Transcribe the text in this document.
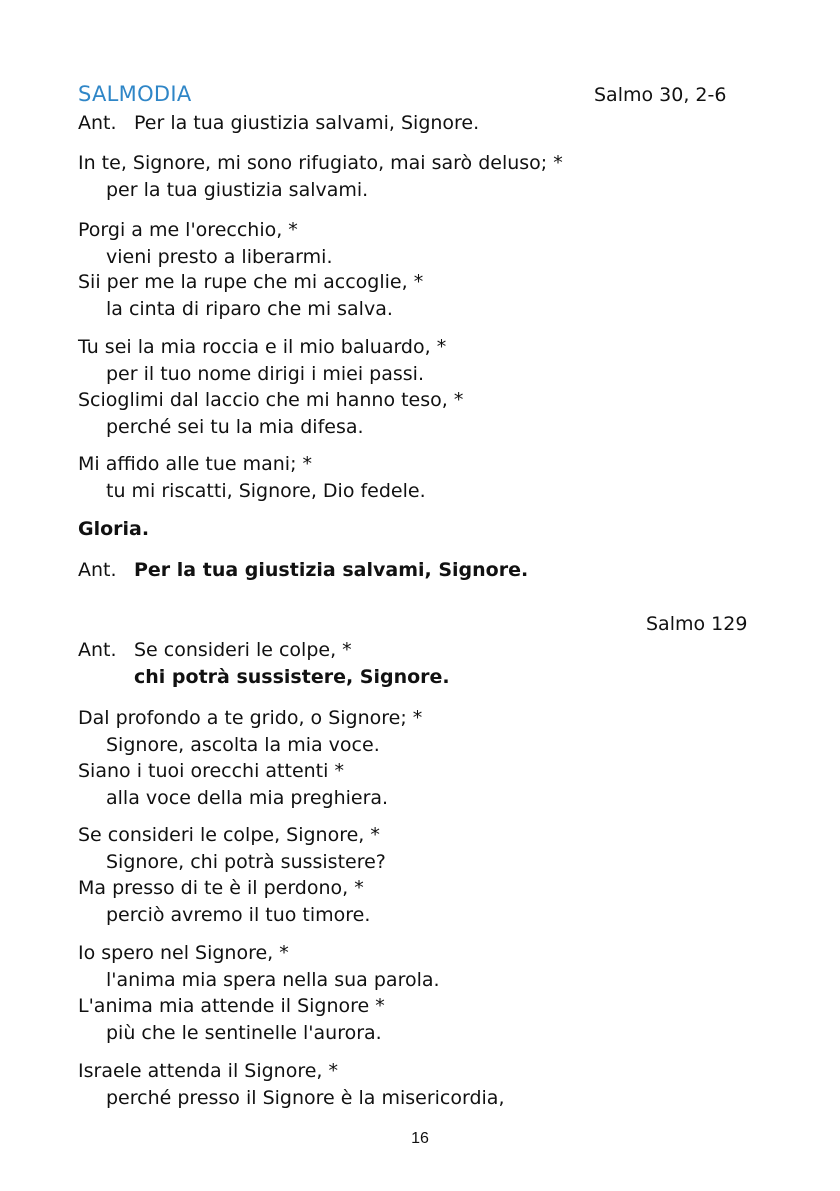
SALMODIA	Salmo 30, 2-6
Ant. Per la tua giustizia salvami, Signore.
In te, Signore, mi sono rifugiato, mai sarò deluso; *
per la tua giustizia salvami.
Porgi a me l'orecchio, *
vieni presto a liberarmi.
Sii per me la rupe che mi accoglie, *
la cinta di riparo che mi salva.
Tu sei la mia roccia e il mio baluardo, *
per il tuo nome dirigi i miei passi.
Scioglimi dal laccio che mi hanno teso, *
perché sei tu la mia difesa.
Mi affido alle tue mani; *
tu mi riscatti, Signore, Dio fedele.
Gloria.
Ant. Per la tua giustizia salvami, Signore.
Salmo 129
Ant. Se consideri le colpe, *
chi potrà sussistere, Signore.
Dal profondo a te grido, o Signore; *
Signore, ascolta la mia voce.
Siano i tuoi orecchi attenti *
alla voce della mia preghiera.
Se consideri le colpe, Signore, *
Signore, chi potrà sussistere?
Ma presso di te è il perdono, *
perciò avremo il tuo timore.
Io spero nel Signore, *
l'anima mia spera nella sua parola.
L'anima mia attende il Signore *
più che le sentinelle l'aurora.
Israele attenda il Signore, *
perché presso il Signore è la misericordia,
16
